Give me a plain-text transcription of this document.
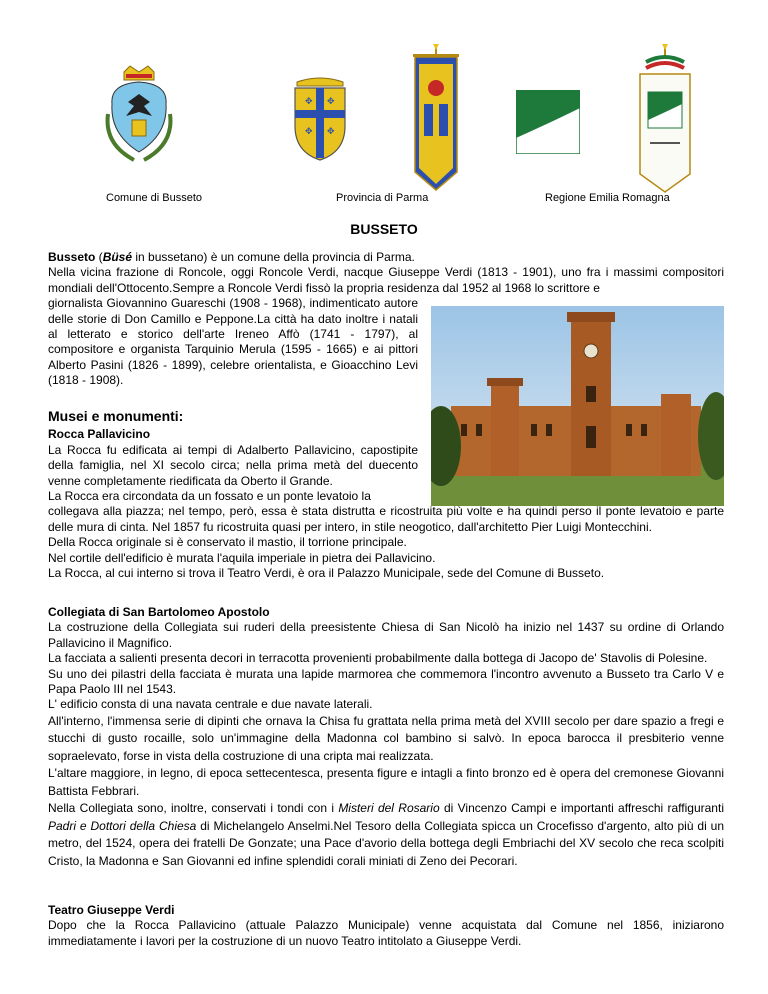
✥ ✥
✥ ✥
Comune di Busseto	Provincia di Parma	Regione Emilia Romagna
BUSSETO

Busseto (Büsé in bussetano) è un comune della provincia di Parma.

Nella vicina frazione di Roncole, oggi Roncole Verdi, nacque Giuseppe Verdi (1813 - 1901), uno fra i massimi compositori mondiali dell'Ottocento.Sempre a Roncole Verdi fissò la propria residenza dal 1952 al 1968 lo scrittore e

giornalista Giovannino Guareschi (1908 - 1968), indimenticato autore delle storie di Don Camillo e Peppone.La città ha dato inoltre i natali al letterato e storico dell'arte Ireneo Affò (1741 - 1797), al compositore e organista Tarquinio Merula (1595 - 1665) e ai pittori Alberto Pasini (1826 - 1899), celebre orientalista, e Gioacchino Levi (1818 - 1908).

Musei e monumenti:

Rocca Pallavicino

La Rocca fu edificata ai tempi di Adalberto Pallavicino, capostipite della famiglia, nel XI secolo circa; nella prima metà del duecento venne completamente riedificata da Oberto il Grande.

La Rocca era circondata da un fossato e un ponte levatoio la

collegava alla piazza; nel tempo, però, essa è stata distrutta e ricostruita più volte e ha quindi perso il ponte levatoio e parte delle mura di cinta. Nel 1857 fu ricostruita quasi per intero, in stile neogotico, dall'architetto Pier Luigi Montecchini.

Della Rocca originale si è conservato il mastio, il torrione principale.

Nel cortile dell'edificio è murata l'aquila imperiale in pietra dei Pallavicino.

La Rocca, al cui interno si trova il Teatro Verdi, è ora il Palazzo Municipale, sede del Comune di Busseto.

Collegiata di San Bartolomeo Apostolo

La costruzione della Collegiata sui ruderi della preesistente Chiesa di San Nicolò ha inizio nel 1437 su ordine di Orlando Pallavicino il Magnifico.

La facciata a salienti presenta decori in terracotta provenienti probabilmente dalla bottega di Jacopo de' Stavolis di Polesine.

Su uno dei pilastri della facciata è murata una lapide marmorea che commemora l'incontro avvenuto a Busseto tra Carlo V e Papa Paolo III nel 1543.

L' edificio consta di una navata centrale e due navate laterali.

All'interno, l'immensa serie di dipinti che ornava la Chisa fu grattata nella prima metà del XVIII secolo per dare spazio a fregi e stucchi di gusto rocaille, solo un'immagine della Madonna col bambino si salvò. In epoca barocca il presbiterio venne sopraelevato, forse in vista della costruzione di una cripta mai realizzata.

L'altare maggiore, in legno, di epoca settecentesca, presenta figure e intagli a finto bronzo ed è opera del cremonese Giovanni Battista Febbrari.

Nella Collegiata sono, inoltre, conservati i tondi con i Misteri del Rosario di Vincenzo Campi e importanti affreschi raffiguranti Padri e Dottori della Chiesa di Michelangelo Anselmi.Nel Tesoro della Collegiata spicca un Crocefisso d'argento, alto più di un metro, del 1524, opera dei fratelli De Gonzate; una Pace d'avorio della bottega degli Embriachi del XV secolo che reca scolpiti Cristo, la Madonna e San Giovanni ed infine splendidi corali miniati di Zeno dei Pecorari.

Teatro Giuseppe Verdi

Dopo che la Rocca Pallavicino (attuale Palazzo Municipale) venne acquistata dal Comune nel 1856, iniziarono immediatamente i lavori per la costruzione di un nuovo Teatro intitolato a Giuseppe Verdi.
